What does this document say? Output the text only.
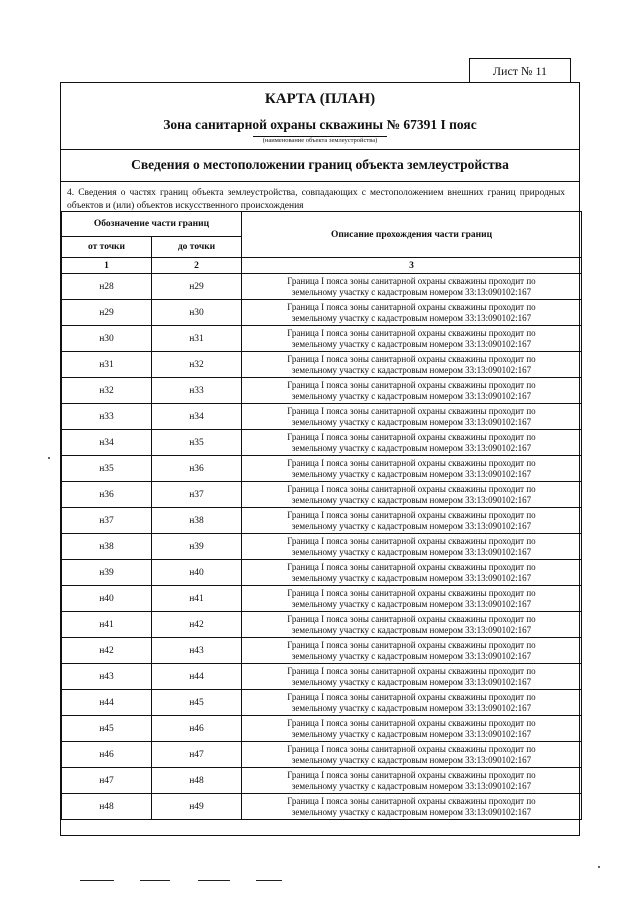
Лист № 11
КАРТА (ПЛАН)
Зона санитарной охраны скважины № 67391 I пояс
(наименование объекта землеустройства)
Сведения о местоположении границ объекта землеустройства
4. Сведения о частях границ объекта землеустройства, совпадающих с местоположением внешних границ природных объектов и (или) объектов искусственного происхождения
Обозначение части границ		Описание прохождения части границ
от точки	до точки	
1	2	3
н28	н29	Граница I пояса зоны санитарной охраны скважины проходит по
земельному участку с кадастровым номером 33:13:090102:167

н29	н30	Граница I пояса зоны санитарной охраны скважины проходит по
земельному участку с кадастровым номером 33:13:090102:167

н30	н31	Граница I пояса зоны санитарной охраны скважины проходит по
земельному участку с кадастровым номером 33:13:090102:167

н31	н32	Граница I пояса зоны санитарной охраны скважины проходит по
земельному участку с кадастровым номером 33:13:090102:167

н32	н33	Граница I пояса зоны санитарной охраны скважины проходит по
земельному участку с кадастровым номером 33:13:090102:167

н33	н34	Граница I пояса зоны санитарной охраны скважины проходит по
земельному участку с кадастровым номером 33:13:090102:167

н34	н35	Граница I пояса зоны санитарной охраны скважины проходит по
земельному участку с кадастровым номером 33:13:090102:167

н35	н36	Граница I пояса зоны санитарной охраны скважины проходит по
земельному участку с кадастровым номером 33:13:090102:167

н36	н37	Граница I пояса зоны санитарной охраны скважины проходит по
земельному участку с кадастровым номером 33:13:090102:167

н37	н38	Граница I пояса зоны санитарной охраны скважины проходит по
земельному участку с кадастровым номером 33:13:090102:167

н38	н39	Граница I пояса зоны санитарной охраны скважины проходит по
земельному участку с кадастровым номером 33:13:090102:167

н39	н40	Граница I пояса зоны санитарной охраны скважины проходит по
земельному участку с кадастровым номером 33:13:090102:167

н40	н41	Граница I пояса зоны санитарной охраны скважины проходит по
земельному участку с кадастровым номером 33:13:090102:167

н41	н42	Граница I пояса зоны санитарной охраны скважины проходит по
земельному участку с кадастровым номером 33:13:090102:167

н42	н43	Граница I пояса зоны санитарной охраны скважины проходит по
земельному участку с кадастровым номером 33:13:090102:167

н43	н44	Граница I пояса зоны санитарной охраны скважины проходит по
земельному участку с кадастровым номером 33:13:090102:167

н44	н45	Граница I пояса зоны санитарной охраны скважины проходит по
земельному участку с кадастровым номером 33:13:090102:167

н45	н46	Граница I пояса зоны санитарной охраны скважины проходит по
земельному участку с кадастровым номером 33:13:090102:167

н46	н47	Граница I пояса зоны санитарной охраны скважины проходит по
земельному участку с кадастровым номером 33:13:090102:167

н47	н48	Граница I пояса зоны санитарной охраны скважины проходит по
земельному участку с кадастровым номером 33:13:090102:167

н48	н49	Граница I пояса зоны санитарной охраны скважины проходит по
земельному участку с кадастровым номером 33:13:090102:167
